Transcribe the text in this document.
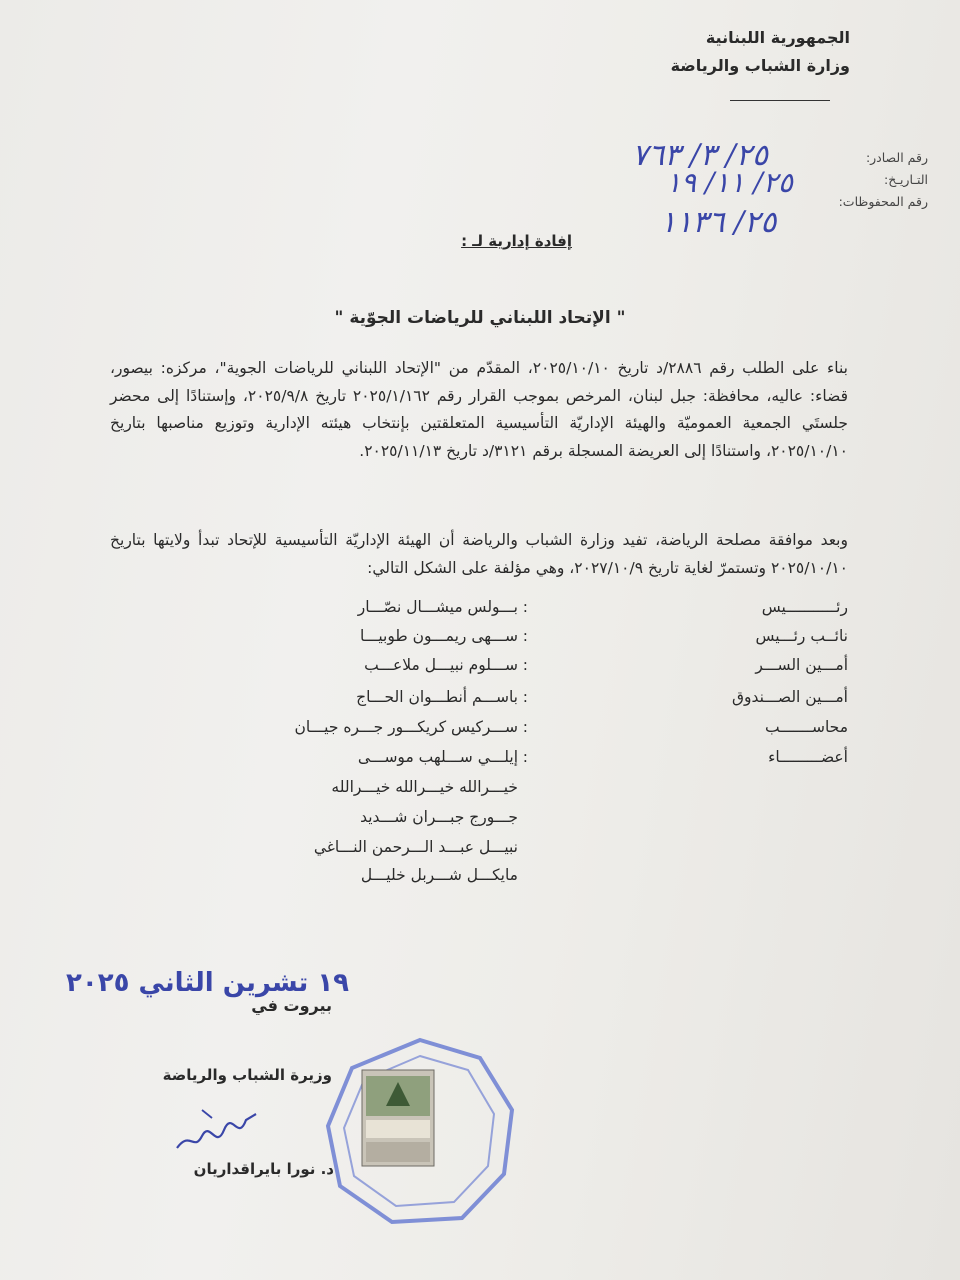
الجمهورية اللبنانية
وزارة الشباب والرياضة
رقم الصادر:
التـاريـخ:
رقم المحفوظات:
٢٥/ ٣/ ٧٦٣
٢٥/ ١١/ ١٩
٢٥/ ١١٣٦
إفادة إدارية لـ :
" الإتحاد اللبناني للرياضات الجوّية "
بناء على الطلب رقم ٢٨٨٦/د تاريخ ٢٠٢٥/١٠/١٠، المقدّم من "الإتحاد اللبناني للرياضات الجوية"، مركزه: بيصور، قضاء: عاليه، محافظة: جبل لبنان، المرخص بموجب القرار رقم ٢٠٢٥/١/١٦٢ تاريخ ٢٠٢٥/٩/٨، وإستنادًا إلى محضر جلستَي الجمعية العموميّة والهيئة الإداريّة التأسيسية المتعلقتين بإنتخاب هيئته الإدارية وتوزيع مناصبها بتاريخ ٢٠٢٥/١٠/١٠، واستنادًا إلى العريضة المسجلة برقم ٣١٢١/د تاريخ ٢٠٢٥/١١/١٣.
وبعد موافقة مصلحة الرياضة، تفيد وزارة الشباب والرياضة أن الهيئة الإداريّة التأسيسية للإتحاد تبدأ ولايتها بتاريخ ٢٠٢٥/١٠/١٠ وتستمرّ لغاية تاريخ ٢٠٢٧/١٠/٩، وهي مؤلفة على الشكل التالي:
رئـــــــــــيس
:
بـــولس ميشـــال نصّـــار
نائــب رئـــيس
:
ســـهى ريمـــون طوبيـــا
أمـــين الســـر
:
ســـلوم نبيـــل ملاعـــب
أمـــين الصـــندوق
:
باســـم أنطـــوان الحـــاج
محاســـــــب
:
ســـركيس كريكـــور جـــره جيـــان
أعضـــــــــاء
:
إيلـــي ســـلهب موســـى
خيـــرالله خيـــرالله خيـــرالله
جـــورج جبـــران شـــديد
نبيـــل عبـــد الـــرحمن النـــاغي
مايكـــل شـــربل خليـــل
١٩ تشرين الثاني ٢٠٢٥
بيروت في
وزيرة الشباب والرياضة
د. نورا بايراقداريان
